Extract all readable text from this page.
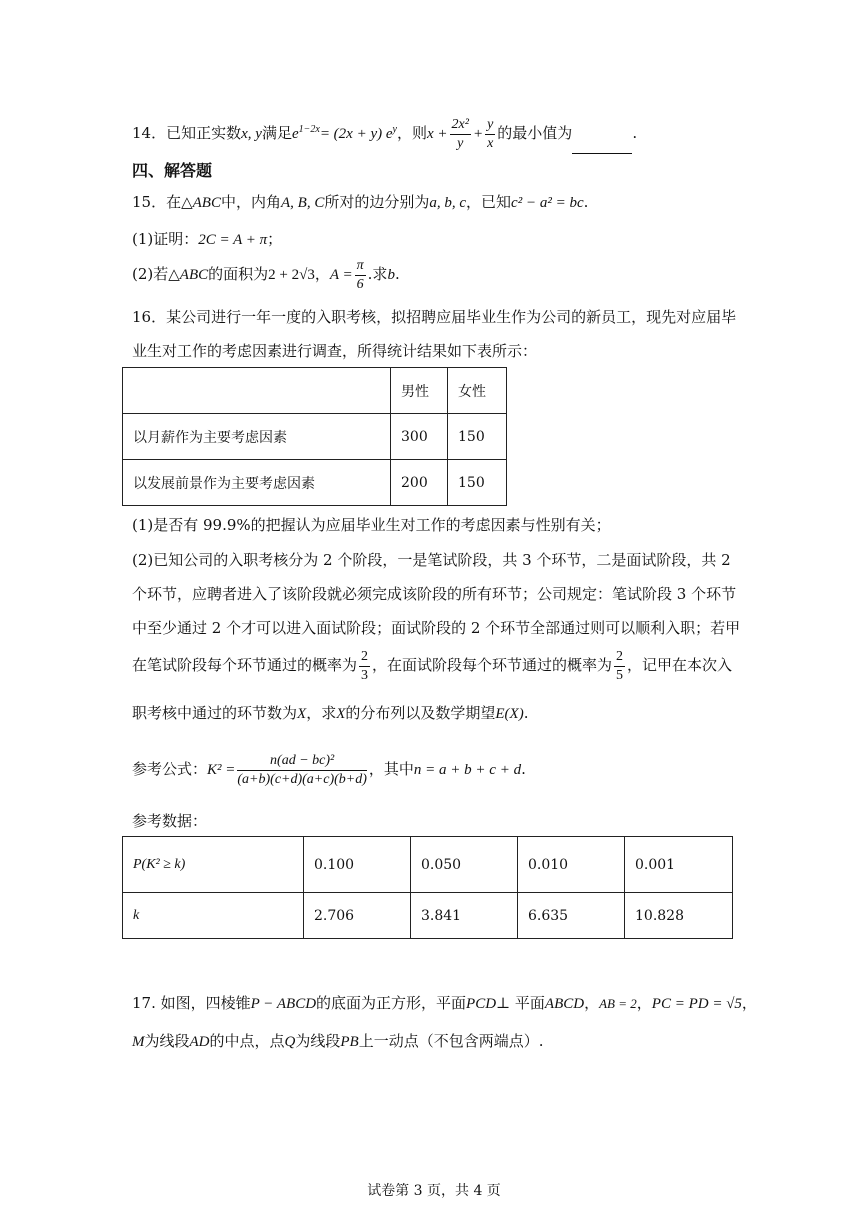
14．已知正实数x, y满足$e^{1-2x}= (2x + y)$ $e^y$，则$x + \frac{\text{2x²}}{y} + \frac{y}{x}$ 的最小值为	.
四、解答题
15．在△ABC中，内角A, B, C所对的边分别为a, b, c，已知c² − a² = bc.
(1)证明：2C = A + π；
(2)若△ABC的面积为2 + 2√3，$A = \frac{\pi}{6}$ .求b.
16．某公司进行一年一度的入职考核，拟招聘应届毕业生作为公司的新员工，现先对应届毕
业生对工作的考虑因素进行调查，所得统计结果如下表所示：
	男性	女性
以月薪作为主要考虑因素	300	150
以发展前景作为主要考虑因素	200	150
(1)是否有 99.9%的把握认为应届毕业生对工作的考虑因素与性别有关；
(2)已知公司的入职考核分为 2 个阶段，一是笔试阶段，共 3 个环节，二是面试阶段，共 2
个环节，应聘者进入了该阶段就必须完成该阶段的所有环节；公司规定：笔试阶段 3 个环节
中至少通过 2 个才可以进入面试阶段；面试阶段的 2 个环节全部通过则可以顺利入职；若甲
在笔试阶段每个环节通过的概率为 $\frac{2}{3}$ ，在面试阶段每个环节通过的概率为 $\frac{2}{5}$ ，记甲在本次入
职考核中通过的环节数为X，求X的分布列以及数学期望E(X).
参考公式：$K^2 = \frac{\text{n(ad − bc)²}}{(a+b)(c+d)(a+c)(b+d)}$ ，其中n = a + b + c + d.
参考数据：
P(K² ≥ k)	0.100	0.050	0.010	0.001
k	2.706	3.841	6.635	10.828
17. 如图，四棱锥P − ABCD的底面为正方形，平面PCD⊥ 平面ABCD，AB = 2，PC = PD = √5，
M为线段AD的中点，点Q为线段PB上一动点（不包含两端点）.
试卷第 3 页，共 4 页
